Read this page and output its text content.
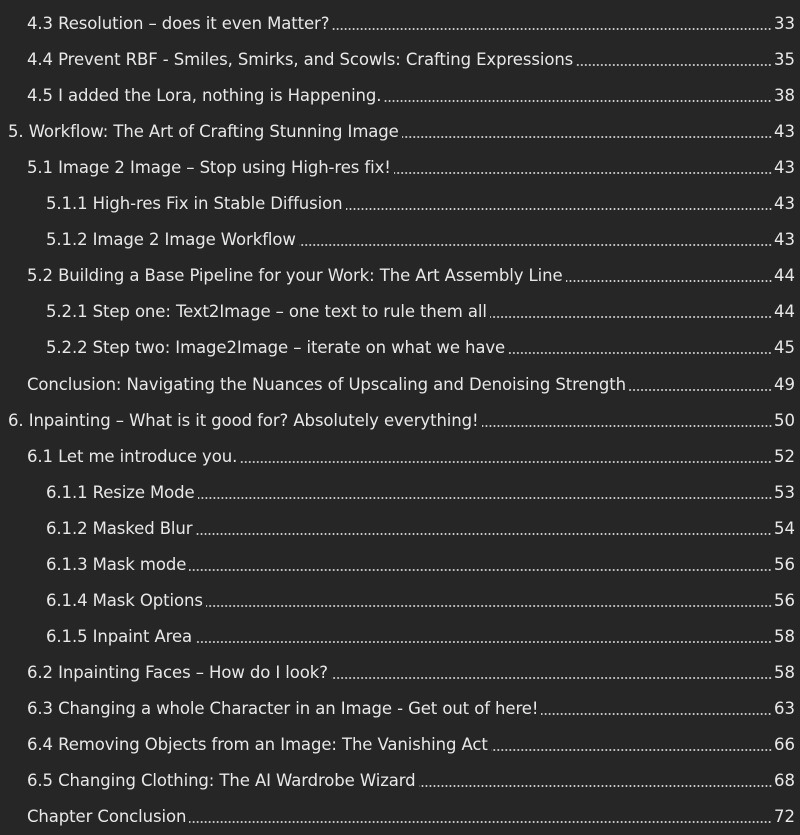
4.3 Resolution – does it even Matter?	33
4.4 Prevent RBF - Smiles, Smirks, and Scowls: Crafting Expressions	35
4.5 I added the Lora, nothing is Happening.	38
5. Workflow: The Art of Crafting Stunning Image	43
5.1 Image 2 Image – Stop using High-res fix!	43
5.1.1 High-res Fix in Stable Diffusion	43
5.1.2 Image 2 Image Workflow	43
5.2 Building a Base Pipeline for your Work: The Art Assembly Line	44
5.2.1 Step one: Text2Image – one text to rule them all	44
5.2.2 Step two: Image2Image – iterate on what we have	45
Conclusion: Navigating the Nuances of Upscaling and Denoising Strength	49
6. Inpainting – What is it good for? Absolutely everything!	50
6.1 Let me introduce you.	52
6.1.1 Resize Mode	53
6.1.2 Masked Blur	54
6.1.3 Mask mode	56
6.1.4 Mask Options	56
6.1.5 Inpaint Area	58
6.2 Inpainting Faces – How do I look?	58
6.3 Changing a whole Character in an Image - Get out of here!	63
6.4 Removing Objects from an Image: The Vanishing Act	66
6.5 Changing Clothing: The AI Wardrobe Wizard	68
Chapter Conclusion	72
